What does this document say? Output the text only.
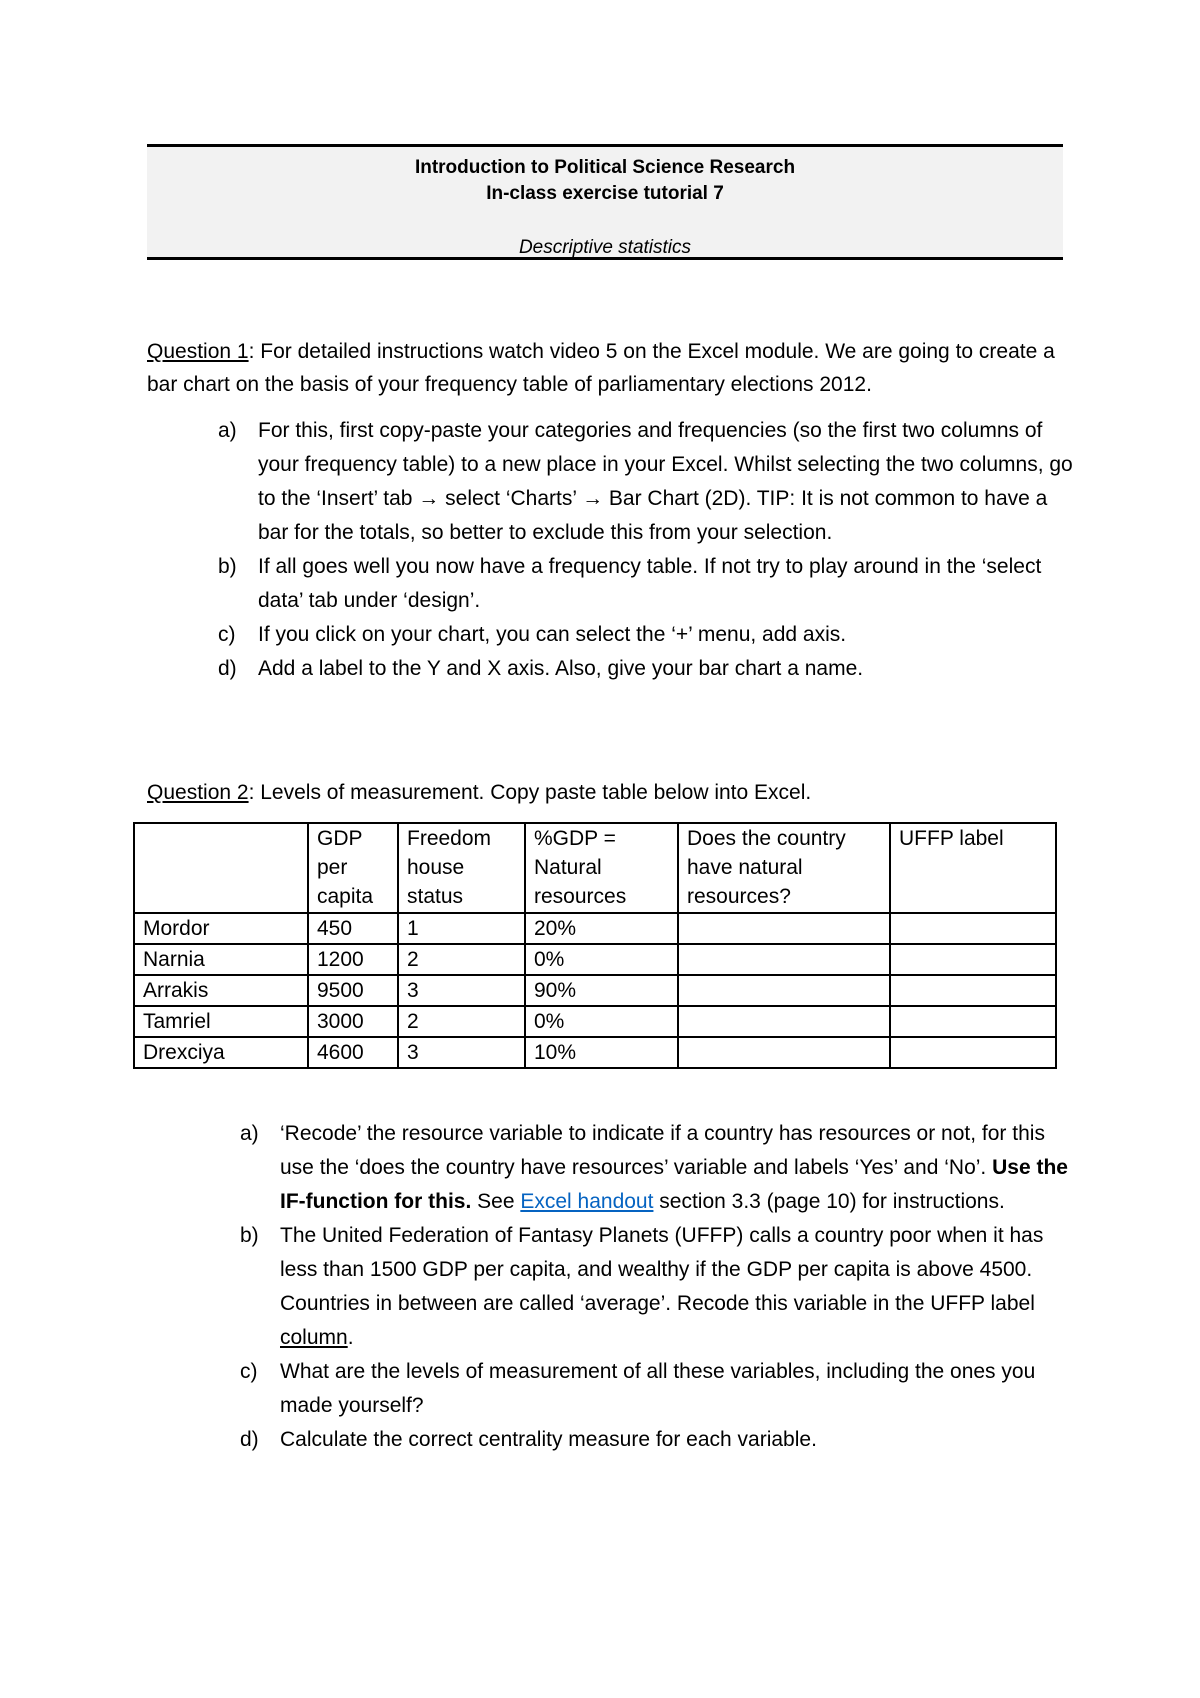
Introduction to Political Science Research
In-class exercise tutorial 7
Descriptive statistics
Question 1: For detailed instructions watch video 5 on the Excel module. We are going to create a bar chart on the basis of your frequency table of parliamentary elections 2012.
a) For this, first copy-paste your categories and frequencies (so the first two columns of your frequency table) to a new place in your Excel. Whilst selecting the two columns, go to the ‘Insert’ tab → select ‘Charts’ → Bar Chart (2D). TIP: It is not common to have a bar for the totals, so better to exclude this from your selection.
b) If all goes well you now have a frequency table. If not try to play around in the ‘select data’ tab under ‘design’.
c) If you click on your chart, you can select the ‘+’ menu, add axis.
d) Add a label to the Y and X axis. Also, give your bar chart a name.
Question 2: Levels of measurement. Copy paste table below into Excel.
	GDP per capita	Freedom house status	%GDP = Natural resources	Does the country have natural resources?	UFFP label
Mordor	450	1	20%		
Narnia	1200	2	0%		
Arrakis	9500	3	90%		
Tamriel	3000	2	0%		
Drexciya	4600	3	10%		
a) ‘Recode’ the resource variable to indicate if a country has resources or not, for this use the ‘does the country have resources’ variable and labels ‘Yes’ and ‘No’. Use the IF-function for this. See Excel handout section 3.3 (page 10) for instructions.
b) The United Federation of Fantasy Planets (UFFP) calls a country poor when it has less than 1500 GDP per capita, and wealthy if the GDP per capita is above 4500. Countries in between are called ‘average’. Recode this variable in the UFFP label column.
c) What are the levels of measurement of all these variables, including the ones you made yourself?
d) Calculate the correct centrality measure for each variable.
